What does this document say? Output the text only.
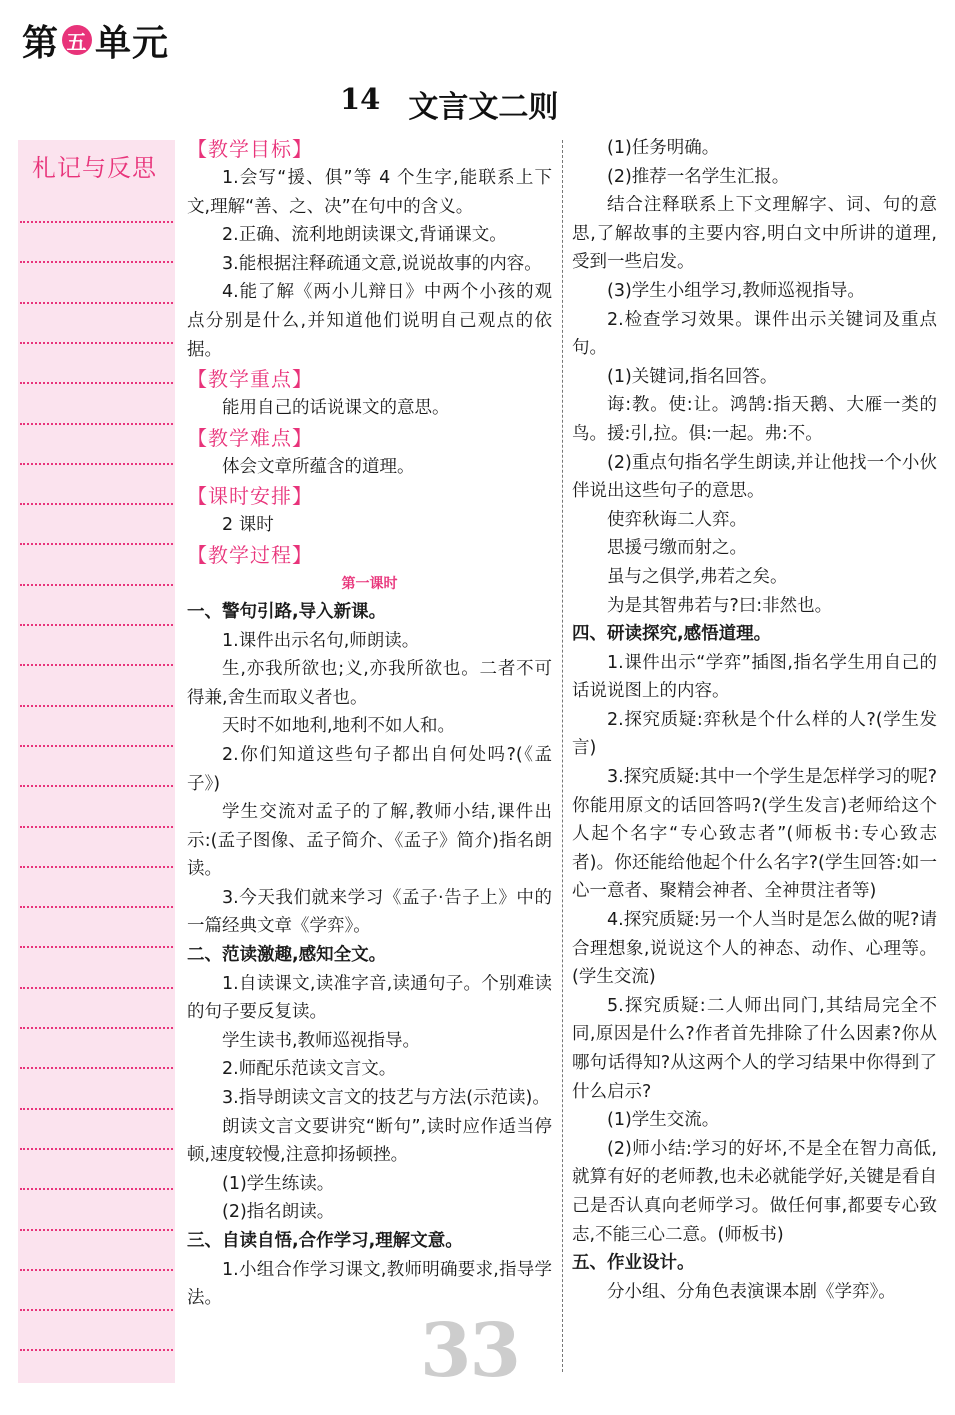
第 五 单元
14 文言文二则
札记与反思

【教学目标】

1.会写“援、俱”等 4 个生字,能联系上下文,理解“善、之、决”在句中的含义。

2.正确、流利地朗读课文,背诵课文。

3.能根据注释疏通文意,说说故事的内容。

4.能了解《两小儿辩日》中两个小孩的观点分别是什么,并知道他们说明自己观点的依据。

【教学重点】

能用自己的话说课文的意思。

【教学难点】

体会文章所蕴含的道理。

【课时安排】

2 课时

【教学过程】

第一课时

一、警句引路,导入新课。

1.课件出示名句,师朗读。

生,亦我所欲也;义,亦我所欲也。二者不可得兼,舍生而取义者也。

天时不如地利,地利不如人和。

2.你们知道这些句子都出自何处吗?(《孟子》)

学生交流对孟子的了解,教师小结,课件出示:(孟子图像、孟子简介、《孟子》简介)指名朗读。

3.今天我们就来学习《孟子·告子上》中的一篇经典文章《学弈》。

二、范读激趣,感知全文。

1.自读课文,读准字音,读通句子。个别难读的句子要反复读。

学生读书,教师巡视指导。

2.师配乐范读文言文。

3.指导朗读文言文的技艺与方法(示范读)。

朗读文言文要讲究“断句”,读时应作适当停顿,速度较慢,注意抑扬顿挫。

(1)学生练读。

(2)指名朗读。

三、自读自悟,合作学习,理解文意。

1.小组合作学习课文,教师明确要求,指导学法。

(1)任务明确。

(2)推荐一名学生汇报。

结合注释联系上下文理解字、词、句的意思,了解故事的主要内容,明白文中所讲的道理,受到一些启发。

(3)学生小组学习,教师巡视指导。

2.检查学习效果。课件出示关键词及重点句。

(1)关键词,指名回答。

诲:教。使:让。鸿鹄:指天鹅、大雁一类的鸟。援:引,拉。俱:一起。弗:不。

(2)重点句指名学生朗读,并让他找一个小伙伴说出这些句子的意思。

使弈秋诲二人弈。

思援弓缴而射之。

虽与之俱学,弗若之矣。

为是其智弗若与?曰:非然也。

四、研读探究,感悟道理。

1.课件出示“学弈”插图,指名学生用自己的话说说图上的内容。

2.探究质疑:弈秋是个什么样的人?(学生发言)

3.探究质疑:其中一个学生是怎样学习的呢?你能用原文的话回答吗?(学生发言)老师给这个人起个名字“专心致志者”(师板书:专心致志者)。你还能给他起个什么名字?(学生回答:如一心一意者、聚精会神者、全神贯注者等)

4.探究质疑:另一个人当时是怎么做的呢?请合理想象,说说这个人的神态、动作、心理等。(学生交流)

5.探究质疑:二人师出同门,其结局完全不同,原因是什么?作者首先排除了什么因素?你从哪句话得知?从这两个人的学习结果中你得到了什么启示?

(1)学生交流。

(2)师小结:学习的好坏,不是全在智力高低,就算有好的老师教,也未必就能学好,关键是看自己是否认真向老师学习。做任何事,都要专心致志,不能三心二意。(师板书)

五、作业设计。

分小组、分角色表演课本剧《学弈》。

33
